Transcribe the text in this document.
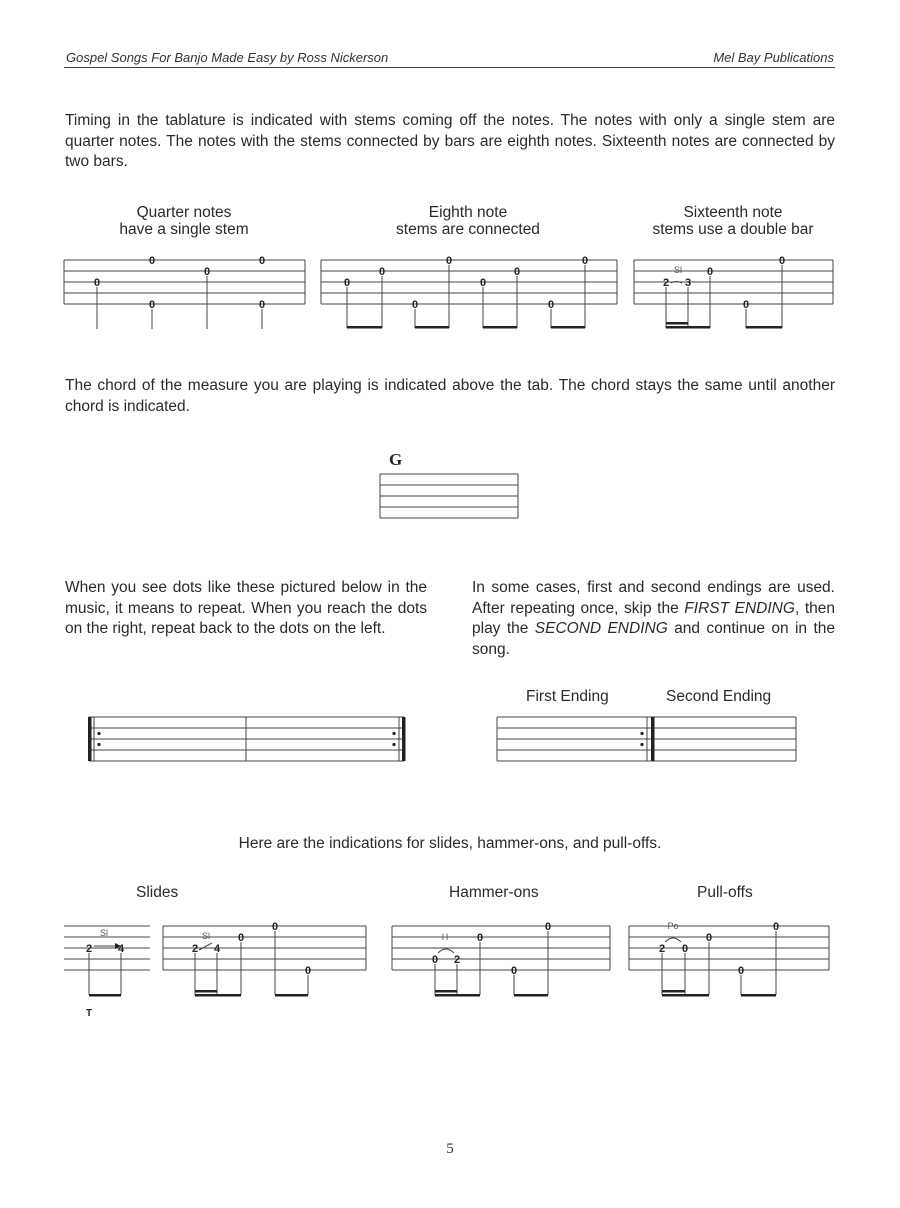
Gospel Songs For Banjo Made Easy by Ross Nickerson	Mel Bay Publications
Timing in the tablature is indicated with stems coming off the notes. The notes with only a single stem are quarter notes. The notes with the stems connected by bars are eighth notes. Sixteenth notes are connected by two bars.
Quarter notes
have a single stem
Eighth note
stems are connected
Sixteenth note
stems use a double bar
0
0
0
0
0
0
0
0
0
0
0
0
0
0
2 3
0
0
0
Sl
The chord of the measure you are playing is indicated above the tab. The chord stays the same until another chord is indicated.
G
When you see dots like these pictured below in the music, it means to repeat. When you reach the dots on the right, repeat back to the dots on the left.
In some cases, first and second endings are used. After repeating once, skip the FIRST ENDING, then play the SECOND ENDING and continue on in the song.
First Ending	Second Ending
Here are the indications for slides, hammer-ons, and pull-offs.
Slides	Hammer-ons	Pull-offs
2 4	2 4
0
0
0
0 2
0
0
0
2 0
0
0
0
Sl	Sl	H
Po
T
5
